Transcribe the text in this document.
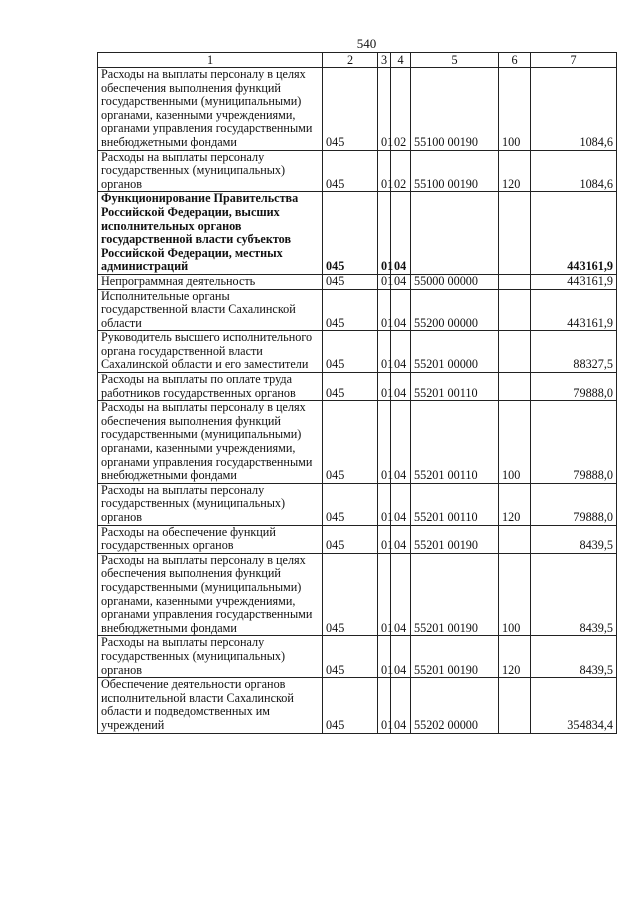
540
1	2	3	4	5	6	7
Расходы на выплаты персоналу в целях обеспечения выполнения функций государственными (муниципальными) органами, казенными учреждениями, органами управления государственными внебюджетными фондами	045	01	02	55100 00190	100	1084,6
Расходы на выплаты персоналу государственных (муниципальных) органов	045	01	02	55100 00190	120	1084,6
Функционирование Правительства Российской Федерации, высших исполнительных органов государственной власти субъектов Российской Федерации, местных администраций	045	01	04			443161,9
Непрограммная деятельность	045	01	04	55000 00000		443161,9
Исполнительные органы государственной власти Сахалинской области	045	01	04	55200 00000		443161,9
Руководитель высшего исполнительного органа государственной власти Сахалинской области и его заместители	045	01	04	55201 00000		88327,5
Расходы на выплаты по оплате труда работников государственных органов	045	01	04	55201 00110		79888,0
Расходы на выплаты персоналу в целях обеспечения выполнения функций государственными (муниципальными) органами, казенными учреждениями, органами управления государственными внебюджетными фондами	045	01	04	55201 00110	100	79888,0
Расходы на выплаты персоналу государственных (муниципальных) органов	045	01	04	55201 00110	120	79888,0
Расходы на обеспечение функций государственных органов	045	01	04	55201 00190		8439,5
Расходы на выплаты персоналу в целях обеспечения выполнения функций государственными (муниципальными) органами, казенными учреждениями, органами управления государственными внебюджетными фондами	045	01	04	55201 00190	100	8439,5
Расходы на выплаты персоналу государственных (муниципальных) органов	045	01	04	55201 00190	120	8439,5
Обеспечение деятельности органов исполнительной власти Сахалинской области и подведомственных им учреждений	045	01	04	55202 00000		354834,4
